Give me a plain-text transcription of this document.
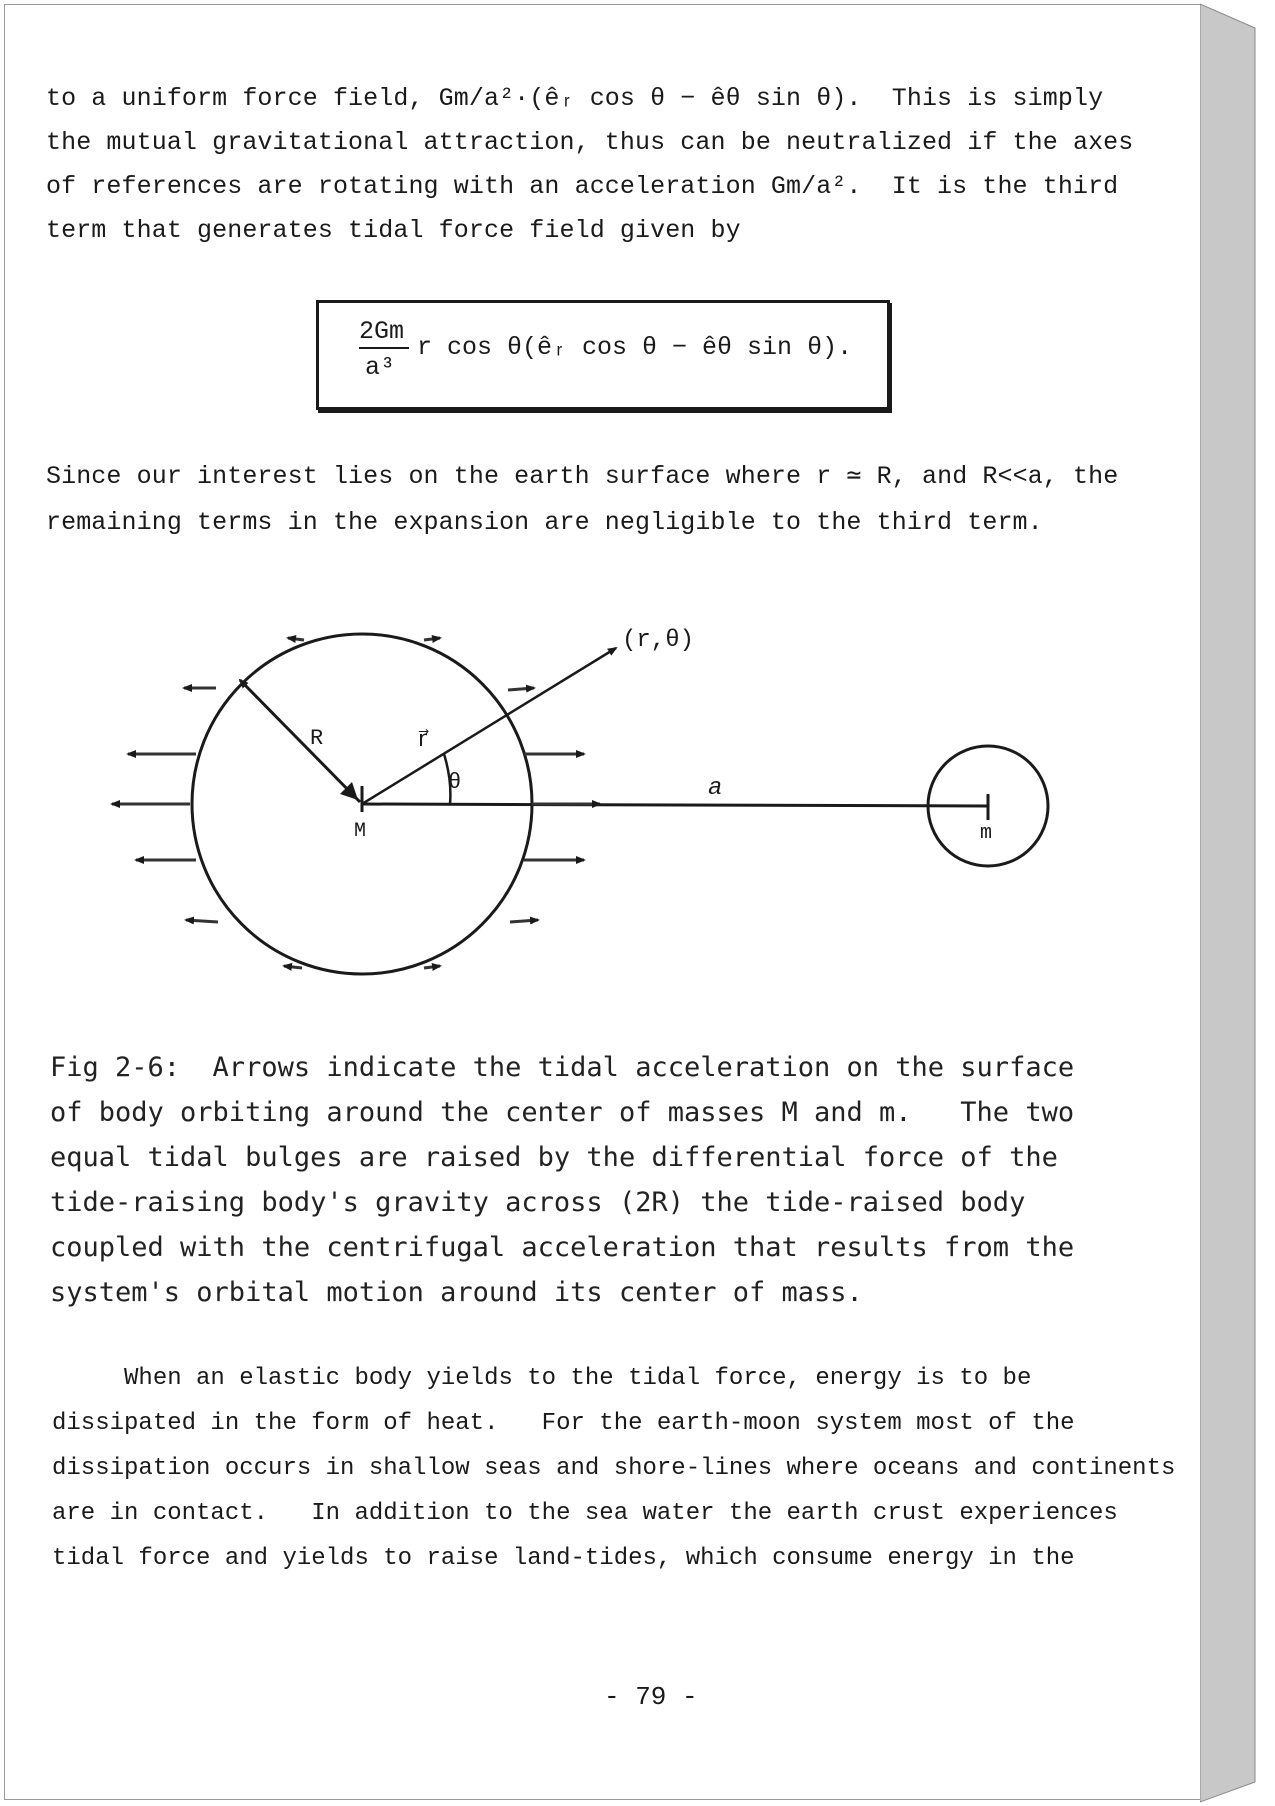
to a uniform force field, Gm/a²·(êᵣ cos θ − êθ sin θ).  This is simply
the mutual gravitational attraction, thus can be neutralized if the axes
of references are rotating with an acceleration Gm/a².  It is the third
term that generates tidal force field given by
2Gm
a³
r cos θ(êᵣ cos θ − êθ sin θ).
Since our interest lies on the earth surface where r ≃ R, and R<<a, the
remaining terms in the expansion are negligible to the third term.
(r,θ)
R	r⃗
θ	a
M	m
Fig 2-6:  Arrows indicate the tidal acceleration on the surface
of body orbiting around the center of masses M and m.   The two
equal tidal bulges are raised by the differential force of the
tide-raising body's gravity across (2R) the tide-raised body
coupled with the centrifugal acceleration that results from the
system's orbital motion around its center of mass.
When an elastic body yields to the tidal force, energy is to be
dissipated in the form of heat.   For the earth-moon system most of the
dissipation occurs in shallow seas and shore-lines where oceans and continents
are in contact.   In addition to the sea water the earth crust experiences
tidal force and yields to raise land-tides, which consume energy in the
- 79 -
